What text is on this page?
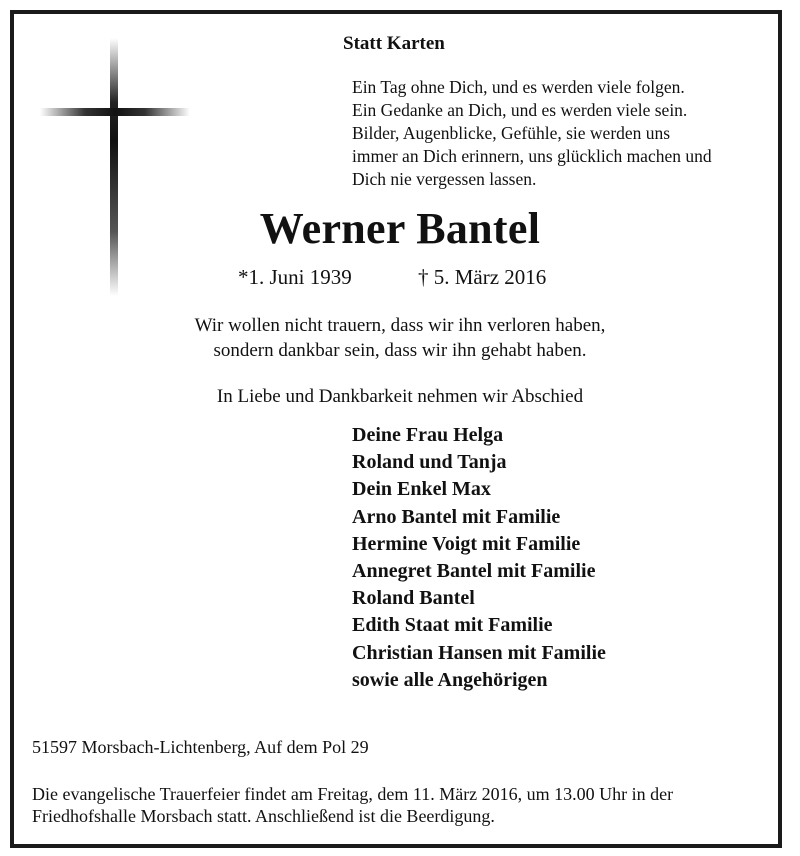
Statt Karten
Ein Tag ohne Dich, und es werden viele folgen.
Ein Gedanke an Dich, und es werden viele sein.
Bilder, Augenblicke, Gefühle, sie werden uns
immer an Dich erinnern, uns glücklich machen und
Dich nie vergessen lassen.
Werner Bantel
*1. Juni 1939	† 5. März 2016
Wir wollen nicht trauern, dass wir ihn verloren haben,
sondern dankbar sein, dass wir ihn gehabt haben.
In Liebe und Dankbarkeit nehmen wir Abschied
Deine Frau Helga
Roland und Tanja
Dein Enkel Max
Arno Bantel mit Familie
Hermine Voigt mit Familie
Annegret Bantel mit Familie
Roland Bantel
Edith Staat mit Familie
Christian Hansen mit Familie
sowie alle Angehörigen
51597 Morsbach-Lichtenberg, Auf dem Pol 29
Die evangelische Trauerfeier findet am Freitag, dem 11. März 2016, um 13.00 Uhr in der
Friedhofshalle Morsbach statt. Anschließend ist die Beerdigung.
